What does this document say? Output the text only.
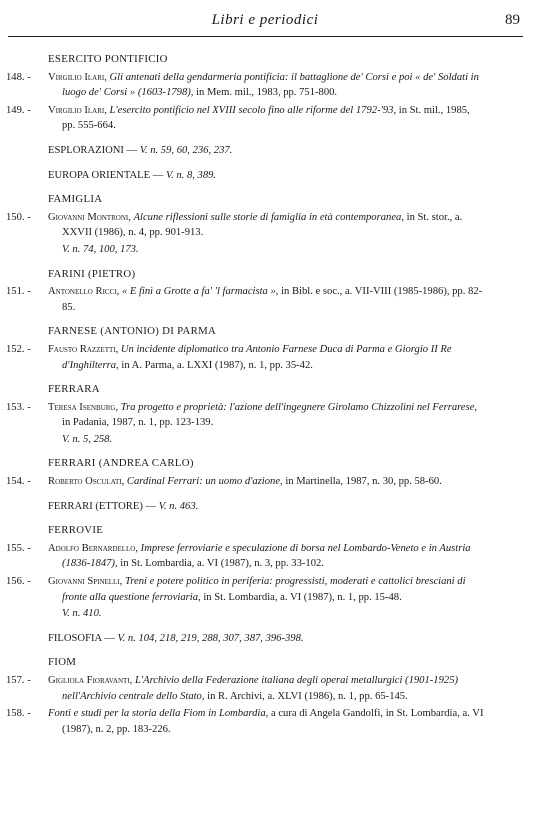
Libri e periodici	89
ESERCITO PONTIFICIO
148. - Virgilio Ilari, Gli antenati della gendarmeria pontificia: il battaglione de' Corsi e poi « de' Soldati in luogo de' Corsi » (1603-1798), in Mem. mil., 1983, pp. 751-800.
149. - Virgilio Ilari, L'esercito pontificio nel XVIII secolo fino alle riforme del 1792-'93, in St. mil., 1985, pp. 555-664.
ESPLORAZIONI — V. n. 59, 60, 236, 237.
EUROPA ORIENTALE — V. n. 8, 389.
FAMIGLIA
150. - Giovanni Montroni, Alcune riflessioni sulle storie di famiglia in età contemporanea, in St. stor., a. XXVII (1986), n. 4, pp. 901-913.
V. n. 74, 100, 173.
FARINI (PIETRO)
151. - Antonello Ricci, « E finì a Grotte a fa' 'l farmacista », in Bibl. e soc., a. VII-VIII (1985-1986), pp. 82-85.
FARNESE (ANTONIO) DI PARMA
152. - Fausto Razzetti, Un incidente diplomatico tra Antonio Farnese Duca di Parma e Giorgio II Re d'Inghilterra, in A. Parma, a. LXXI (1987), n. 1, pp. 35-42.
FERRARA
153. - Teresa Isenburg, Tra progetto e proprietà: l'azione dell'ingegnere Girolamo Chizzolini nel Ferrarese, in Padania, 1987, n. 1, pp. 123-139.
V. n. 5, 258.
FERRARI (ANDREA CARLO)
154. - Roberto Osculati, Cardinal Ferrari: un uomo d'azione, in Martinella, 1987, n. 30, pp. 58-60.
FERRARI (ETTORE) — V. n. 463.
FERROVIE
155. - Adolfo Bernardello, Imprese ferroviarie e speculazione di borsa nel Lombardo-Veneto e in Austria (1836-1847), in St. Lombardia, a. VI (1987), n. 3, pp. 33-102.
156. - Giovanni Spinelli, Treni e potere politico in periferia: progressisti, moderati e cattolici bresciani di fronte alla questione ferroviaria, in St. Lombardia, a. VI (1987), n. 1, pp. 15-48.
V. n. 410.
FILOSOFIA — V. n. 104, 218, 219, 288, 307, 387, 396-398.
FIOM
157. - Gigliola Fioravanti, L'Archivio della Federazione italiana degli operai metallurgici (1901-1925) nell'Archivio centrale dello Stato, in R. Archivi, a. XLVI (1986), n. 1, pp. 65-145.
158. - Fonti e studi per la storia della Fiom in Lombardia, a cura di Angela Gandolfi, in St. Lombardia, a. VI (1987), n. 2, pp. 183-226.
